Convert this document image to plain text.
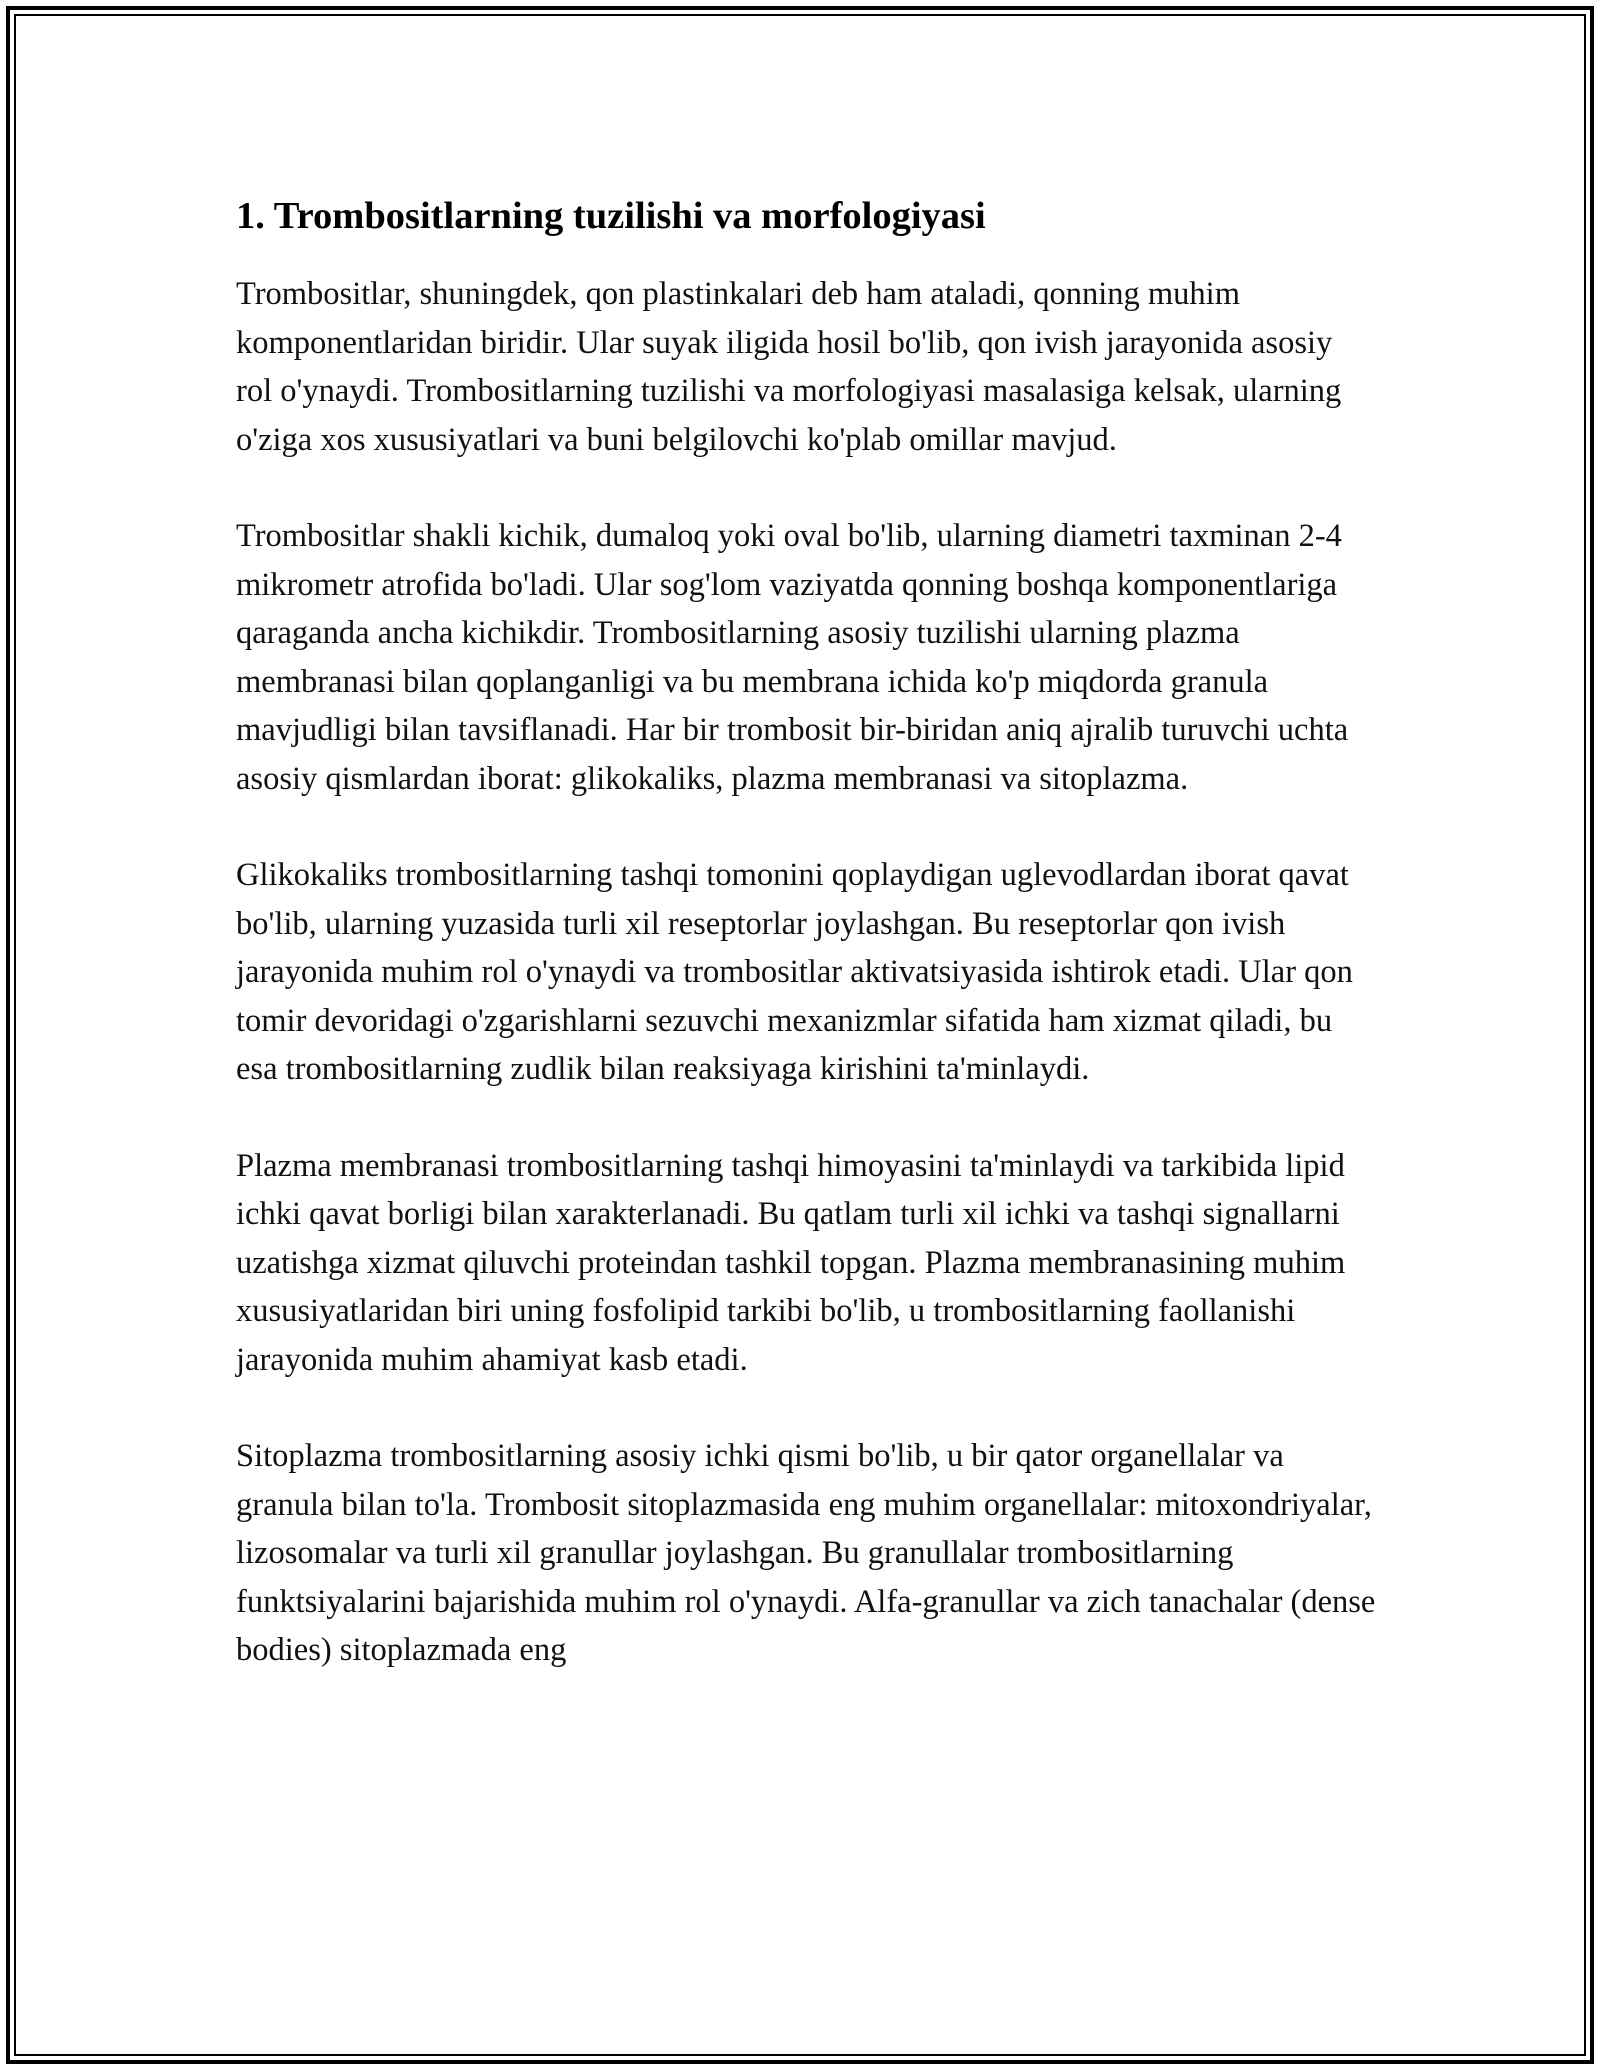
1. Trombositlarning tuzilishi va morfologiyasi

Trombositlar, shuningdek, qon plastinkalari deb ham ataladi, qonning muhim komponentlaridan biridir. Ular suyak iligida hosil bo'lib, qon ivish jarayonida asosiy rol o'ynaydi. Trombositlarning tuzilishi va morfologiyasi masalasiga kelsak, ularning o'ziga xos xususiyatlari va buni belgilovchi ko'plab omillar mavjud.

Trombositlar shakli kichik, dumaloq yoki oval bo'lib, ularning diametri taxminan 2-4 mikrometr atrofida bo'ladi. Ular sog'lom vaziyatda qonning boshqa komponentlariga qaraganda ancha kichikdir. Trombositlarning asosiy tuzilishi ularning plazma membranasi bilan qoplanganligi va bu membrana ichida ko'p miqdorda granula mavjudligi bilan tavsiflanadi. Har bir trombosit bir-biridan aniq ajralib turuvchi uchta asosiy qismlardan iborat: glikokaliks, plazma membranasi va sitoplazma.

Glikokaliks trombositlarning tashqi tomonini qoplaydigan uglevodlardan iborat qavat bo'lib, ularning yuzasida turli xil reseptorlar joylashgan. Bu reseptorlar qon ivish jarayonida muhim rol o'ynaydi va trombositlar aktivatsiyasida ishtirok etadi. Ular qon tomir devoridagi o'zgarishlarni sezuvchi mexanizmlar sifatida ham xizmat qiladi, bu esa trombositlarning zudlik bilan reaksiyaga kirishini ta'minlaydi.

Plazma membranasi trombositlarning tashqi himoyasini ta'minlaydi va tarkibida lipid ichki qavat borligi bilan xarakterlanadi. Bu qatlam turli xil ichki va tashqi signallarni uzatishga xizmat qiluvchi proteindan tashkil topgan. Plazma membranasining muhim xususiyatlaridan biri uning fosfolipid tarkibi bo'lib, u trombositlarning faollanishi jarayonida muhim ahamiyat kasb etadi.

Sitoplazma trombositlarning asosiy ichki qismi bo'lib, u bir qator organellalar va granula bilan to'la. Trombosit sitoplazmasida eng muhim organellalar: mitoxondriyalar, lizosomalar va turli xil granullar joylashgan. Bu granullalar trombositlarning funktsiyalarini bajarishida muhim rol o'ynaydi. Alfa-granullar va zich tanachalar (dense bodies) sitoplazmada eng
